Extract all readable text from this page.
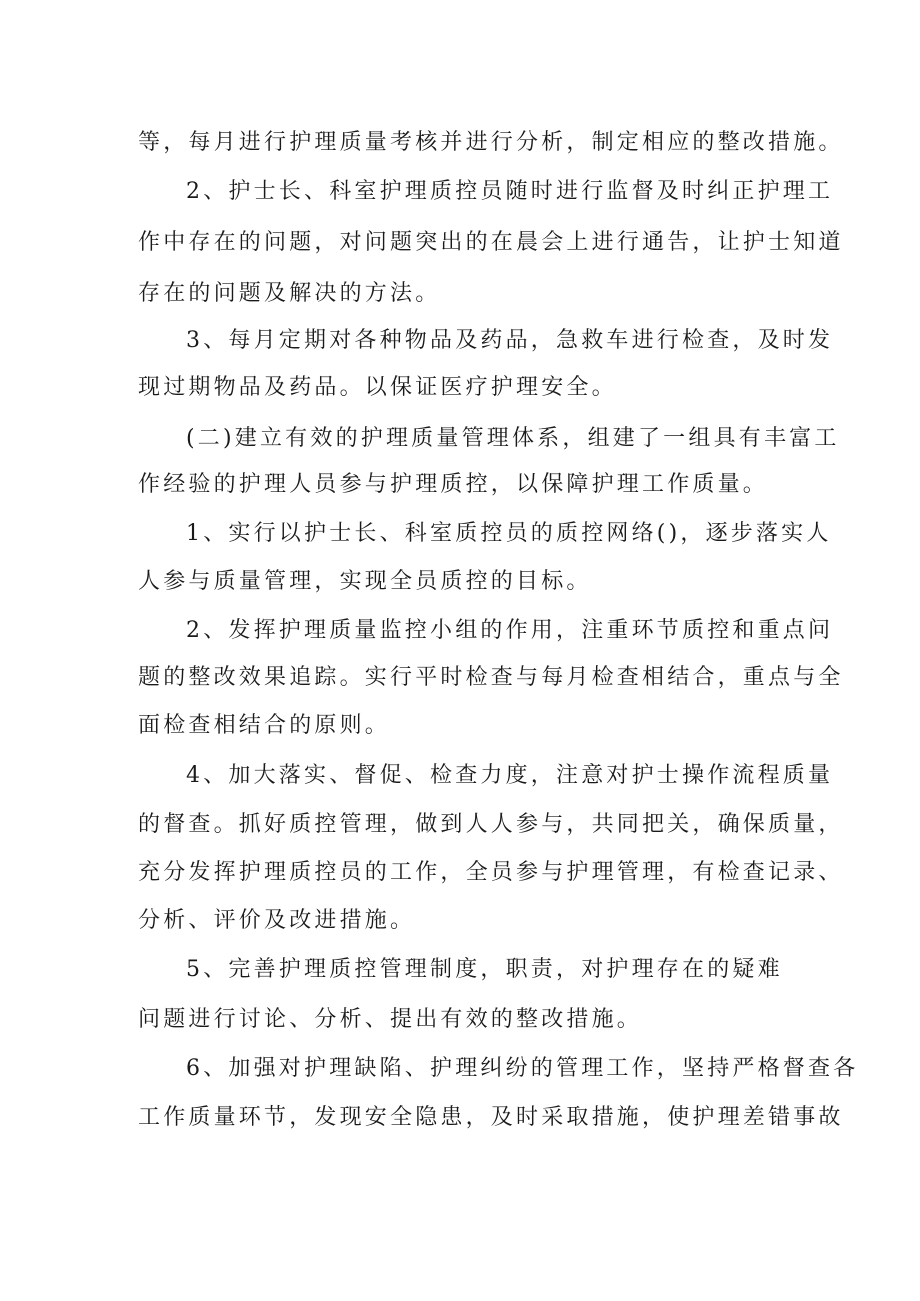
等，每月进行护理质量考核并进行分析，制定相应的整改措施。
2、护士长、科室护理质控员随时进行监督及时纠正护理工
作中存在的问题，对问题突出的在晨会上进行通告，让护士知道
存在的问题及解决的方法。
3、每月定期对各种物品及药品，急救车进行检查，及时发
现过期物品及药品。以保证医疗护理安全。
(二)建立有效的护理质量管理体系，组建了一组具有丰富工
作经验的护理人员参与护理质控，以保障护理工作质量。
1、实行以护士长、科室质控员的质控网络()，逐步落实人
人参与质量管理，实现全员质控的目标。
2、发挥护理质量监控小组的作用，注重环节质控和重点问
题的整改效果追踪。实行平时检查与每月检查相结合，重点与全
面检查相结合的原则。
4、加大落实、督促、检查力度，注意对护士操作流程质量
的督查。抓好质控管理，做到人人参与，共同把关，确保质量，
充分发挥护理质控员的工作，全员参与护理管理，有检查记录、
分析、评价及改进措施。
5、完善护理质控管理制度，职责，对护理存在的疑难
问题进行讨论、分析、提出有效的整改措施。
6、加强对护理缺陷、护理纠纷的管理工作，坚持严格督查各
工作质量环节，发现安全隐患，及时采取措施，使护理差错事故
